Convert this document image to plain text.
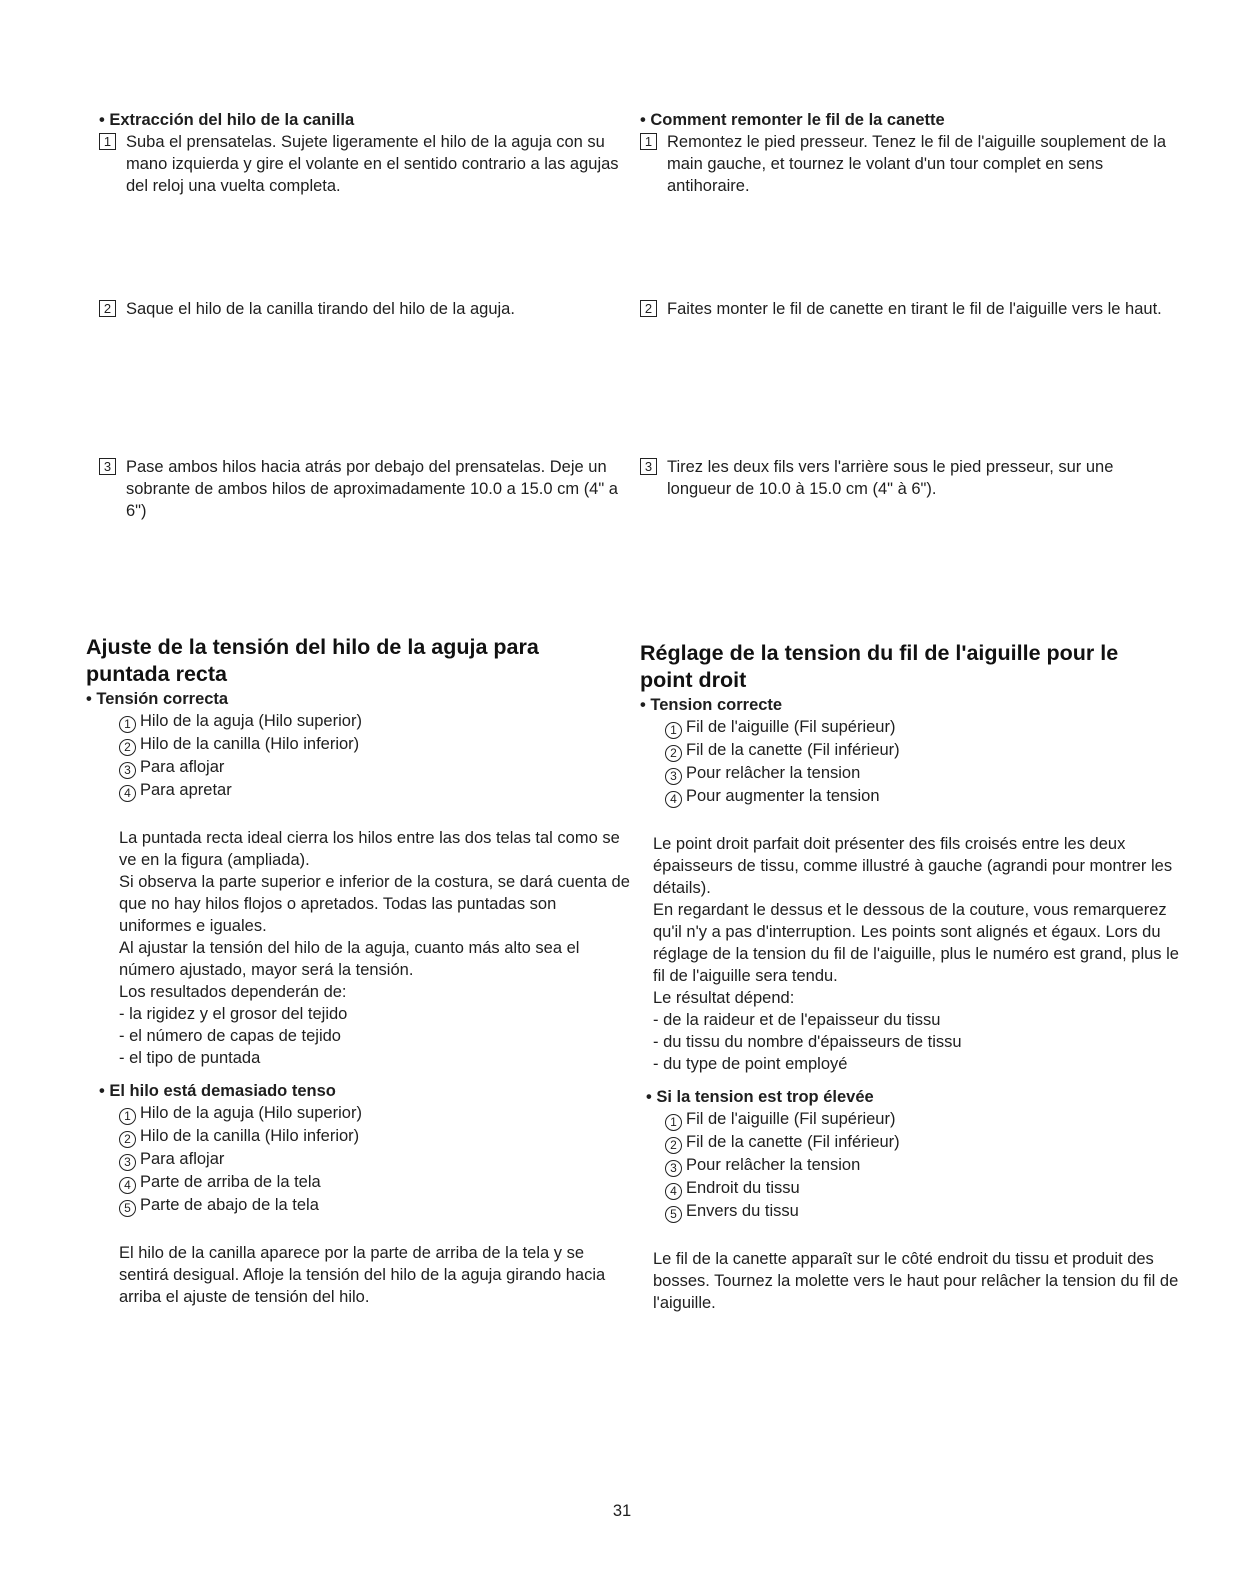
• Extracción del hilo de la canilla

1 Suba el prensatelas. Sujete ligeramente el hilo de la aguja con su mano izquierda y gire el volante en el sentido contrario a las agujas del reloj una vuelta completa.
2 Saque el hilo de la canilla tirando del hilo de la aguja.
3 Pase ambos hilos hacia atrás por debajo del prensatelas. Deje un sobrante de ambos hilos de aproximadamente 10.0 a 15.0 cm (4" a 6")

Ajuste de la tensión del hilo de la aguja para puntada recta

• Tensión correcta

1 Hilo de la aguja (Hilo superior)
2 Hilo de la canilla (Hilo inferior)
3 Para aflojar
4 Para apretar
La puntada recta ideal cierra los hilos entre las dos telas tal como se ve en la figura (ampliada).
Si observa la parte superior e inferior de la costura, se dará cuenta de que no hay hilos flojos o apretados. Todas las puntadas son uniformes e iguales.
Al ajustar la tensión del hilo de la aguja, cuanto más alto sea el número ajustado, mayor será la tensión.
Los resultados dependerán de:
- la rigidez y el grosor del tejido
- el número de capas de tejido
- el tipo de puntada

• El hilo está demasiado tenso

1 Hilo de la aguja (Hilo superior)
2 Hilo de la canilla (Hilo inferior)
3 Para aflojar
4 Parte de arriba de la tela
5 Parte de abajo de la tela

El hilo de la canilla aparece por la parte de arriba de la tela y se sentirá desigual. Afloje la tensión del hilo de la aguja girando hacia arriba el ajuste de tensión del hilo.

• Comment remonter le fil de la canette

1 Remontez le pied presseur. Tenez le fil de l'aiguille souplement de la main gauche, et tournez le volant d'un tour complet en sens antihoraire.
2 Faites monter le fil de canette en tirant le fil de l'aiguille vers le haut.
3 Tirez les deux fils vers l'arrière sous le pied presseur, sur une longueur de 10.0 à 15.0 cm (4" à 6").

Réglage de la tension du fil de l'aiguille pour le point droit

• Tension correcte

1 Fil de l'aiguille (Fil supérieur)
2 Fil de la canette (Fil inférieur)
3 Pour relâcher la tension
4 Pour augmenter la tension
Le point droit parfait doit présenter des fils croisés entre les deux épaisseurs de tissu, comme illustré à gauche (agrandi pour montrer les détails).
En regardant le dessus et le dessous de la couture, vous remarquerez qu'il n'y a pas d'interruption. Les points sont alignés et égaux. Lors du réglage de la tension du fil de l'aiguille, plus le numéro est grand, plus le fil de l'aiguille sera tendu.
Le résultat dépend:
- de la raideur et de l'epaisseur du tissu
- du tissu du nombre d'épaisseurs de tissu
- du type de point employé

• Si la tension est trop élevée

1 Fil de l'aiguille (Fil supérieur)
2 Fil de la canette (Fil inférieur)
3 Pour relâcher la tension
4 Endroit du tissu
5 Envers du tissu

Le fil de la canette apparaît sur le côté endroit du tissu et produit des bosses. Tournez la molette vers le haut pour relâcher la tension du fil de l'aiguille.

31
